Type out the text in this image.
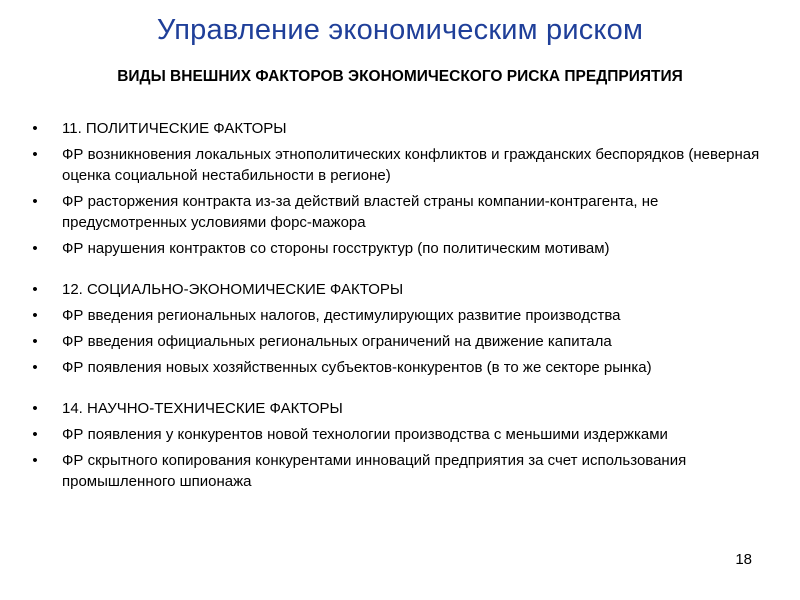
Управление экономическим риском
ВИДЫ ВНЕШНИХ ФАКТОРОВ ЭКОНОМИЧЕСКОГО РИСКА ПРЕДПРИЯТИЯ
• 11. ПОЛИТИЧЕСКИЕ ФАКТОРЫ
• ФР возникновения локальных этнополитических конфликтов и гражданских беспорядков (неверная оценка социальной нестабильности в регионе)
• ФР расторжения контракта из-за действий властей страны компании-контрагента, не предусмотренных условиями форс-мажора
• ФР нарушения контрактов со стороны госструктур (по политическим мотивам)
• 12. СОЦИАЛЬНО-ЭКОНОМИЧЕСКИЕ ФАКТОРЫ
• ФР введения региональных налогов, дестимулирующих развитие производства
• ФР введения официальных региональных ограничений на движение капитала
• ФР появления новых хозяйственных субъектов-конкурентов (в то же секторе рынка)
• 14. НАУЧНО-ТЕХНИЧЕСКИЕ ФАКТОРЫ
• ФР появления у конкурентов новой технологии производства с меньшими издержками
• ФР скрытного копирования конкурентами инноваций предприятия за счет использования промышленного шпионажа
18
